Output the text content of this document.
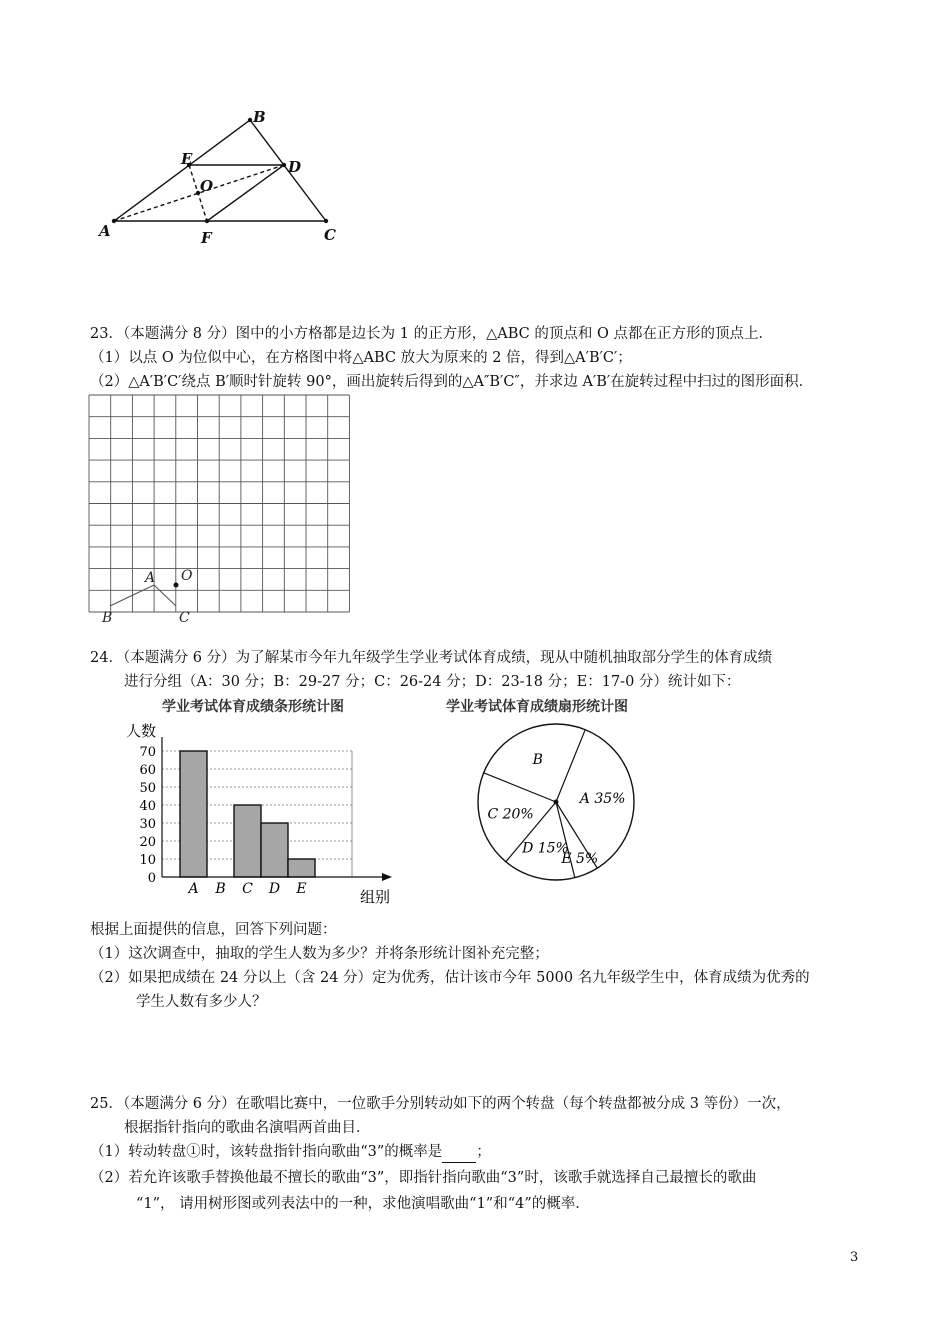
B
E	D
O
A	F	C
23．（本题满分 8 分）图中的小方格都是边长为 1 的正方形，△ABC 的顶点和 O 点都在正方形的顶点上．
（1）以点 O 为位似中心，在方格图中将△ABC 放大为原来的 2 倍，得到△A′B′C′；
（2）△A′B′C′绕点 B′顺时针旋转 90°，画出旋转后得到的△A″B′C″，并求边 A′B′在旋转过程中扫过的图形面积．
A O
B	C
24．（本题满分 6 分）为了解某市今年九年级学生学业考试体育成绩，现从中随机抽取部分学生的体育成绩
进行分组（A：30 分；B：29-27 分；C：26-24 分；D：23-18 分；E：17-0 分）统计如下：
学业考试体育成绩条形统计图	学业考试体育成绩扇形统计图
人数
0
10
20
30
40
50
60
70
A B C D E	组别
A 35%
E 5%
D 15%
C 20%
B
根据上面提供的信息，回答下列问题：
（1）这次调查中，抽取的学生人数为多少？并将条形统计图补充完整；
（2）如果把成绩在 24 分以上（含 24 分）定为优秀，估计该市今年 5000 名九年级学生中，体育成绩为优秀的
学生人数有多少人？
25．（本题满分 6 分）在歌唱比赛中，一位歌手分别转动如下的两个转盘（每个转盘都被分成 3 等份）一次，
根据指针指向的歌曲名演唱两首曲目．
（1）转动转盘①时，该转盘指针指向歌曲“3”的概率是 ；
（2）若允许该歌手替换他最不擅长的歌曲“3”，即指针指向歌曲“3”时，该歌手就选择自己最擅长的歌曲
“1”， 请用树形图或列表法中的一种，求他演唱歌曲“1”和“4”的概率．
3
